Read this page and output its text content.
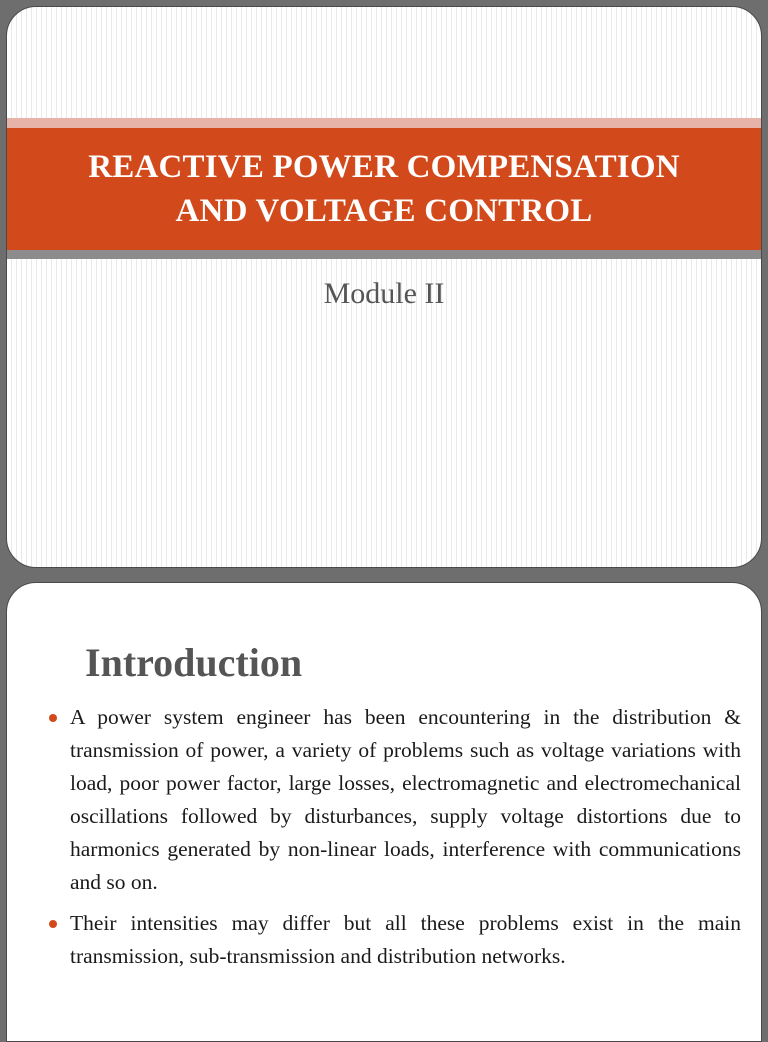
REACTIVE POWER COMPENSATION
AND VOLTAGE CONTROL
Module II
Introduction
A power system engineer has been encountering in the distribution & transmission of power, a variety of problems such as voltage variations with load, poor power factor, large losses, electromagnetic and electromechanical oscillations followed by disturbances, supply voltage distortions due to harmonics generated by non-linear loads, interference with communications and so on.
Their intensities may differ but all these problems exist in the main transmission, sub-transmission and distribution networks.
